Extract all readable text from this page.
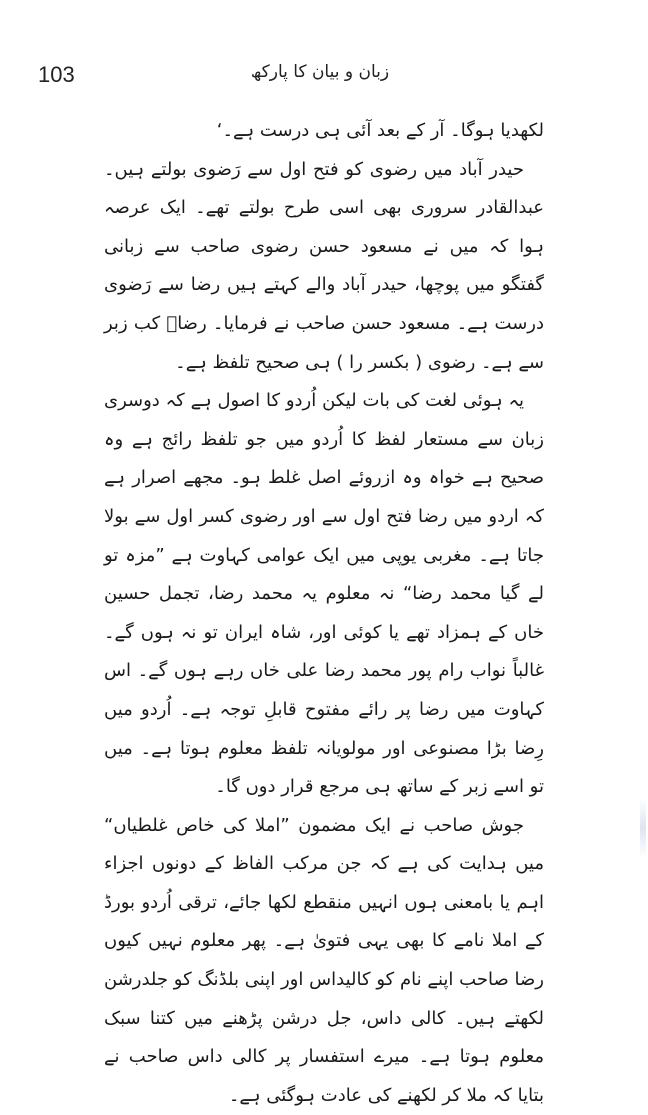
103	زبان و بیان کا پارکھ

لکھدیا ہوگا۔ آر کے بعد آئی ہی درست ہے۔‘

حیدر آباد میں رضوی کو فتح اول سے رَضوی بولتے ہیں۔ عبدالقادر سروری بھی اسی طرح بولتے تھے۔ ایک عرصہ ہوا کہ میں نے مسعود حسن رضوی صاحب سے زبانی گفتگو میں پوچھا، حیدر آباد والے کہتے ہیں رضا سے رَضوی درست ہے۔ مسعود حسن صاحب نے فرمایا۔ رضاؔ کب زبر سے ہے۔ رضوی ( بکسر را ) ہی صحیح تلفظ ہے۔

یہ ہوئی لغت کی بات لیکن اُردو کا اصول ہے کہ دوسری زبان سے مستعار لفظ کا اُردو میں جو تلفظ رائج ہے وہ صحیح ہے خواہ وہ ازروئے اصل غلط ہو۔ مجھے اصرار ہے کہ اردو میں رضا فتح اول سے اور رضوی کسر اول سے بولا جاتا ہے۔ مغربی یوپی میں ایک عوامی کہاوت ہے ”مزہ تو لے گیا محمد رضا“ نہ معلوم یہ محمد رضا، تجمل حسین خاں کے ہمزاد تھے یا کوئی اور، شاہ ایران تو نہ ہوں گے۔ غالباً نواب رام پور محمد رضا علی خاں رہے ہوں گے۔ اس کہاوت میں رضا پر رائے مفتوح قابلِ توجہ ہے۔ اُردو میں رِضا بڑا مصنوعی اور مولویانہ تلفظ معلوم ہوتا ہے۔ میں تو اسے زبر کے ساتھ ہی مرجع قرار دوں گا۔

جوش صاحب نے ایک مضمون ”املا کی خاص غلطیاں“ میں ہدایت کی ہے کہ جن مرکب الفاظ کے دونوں اجزاء اہم یا بامعنی ہوں انہیں منقطع لکھا جائے، ترقی اُردو بورڈ کے املا نامے کا بھی یہی فتویٰ ہے۔ پھر معلوم نہیں کیوں رضا صاحب اپنے نام کو کالیداس اور اپنی بلڈنگ کو جلدرشن لکھتے ہیں۔ کالی داس، جل درشن پڑھنے میں کتنا سبک معلوم ہوتا ہے۔ میرے استفسار پر کالی داس صاحب نے بتایا کہ ملا کر لکھنے کی عادت ہوگئی ہے۔
